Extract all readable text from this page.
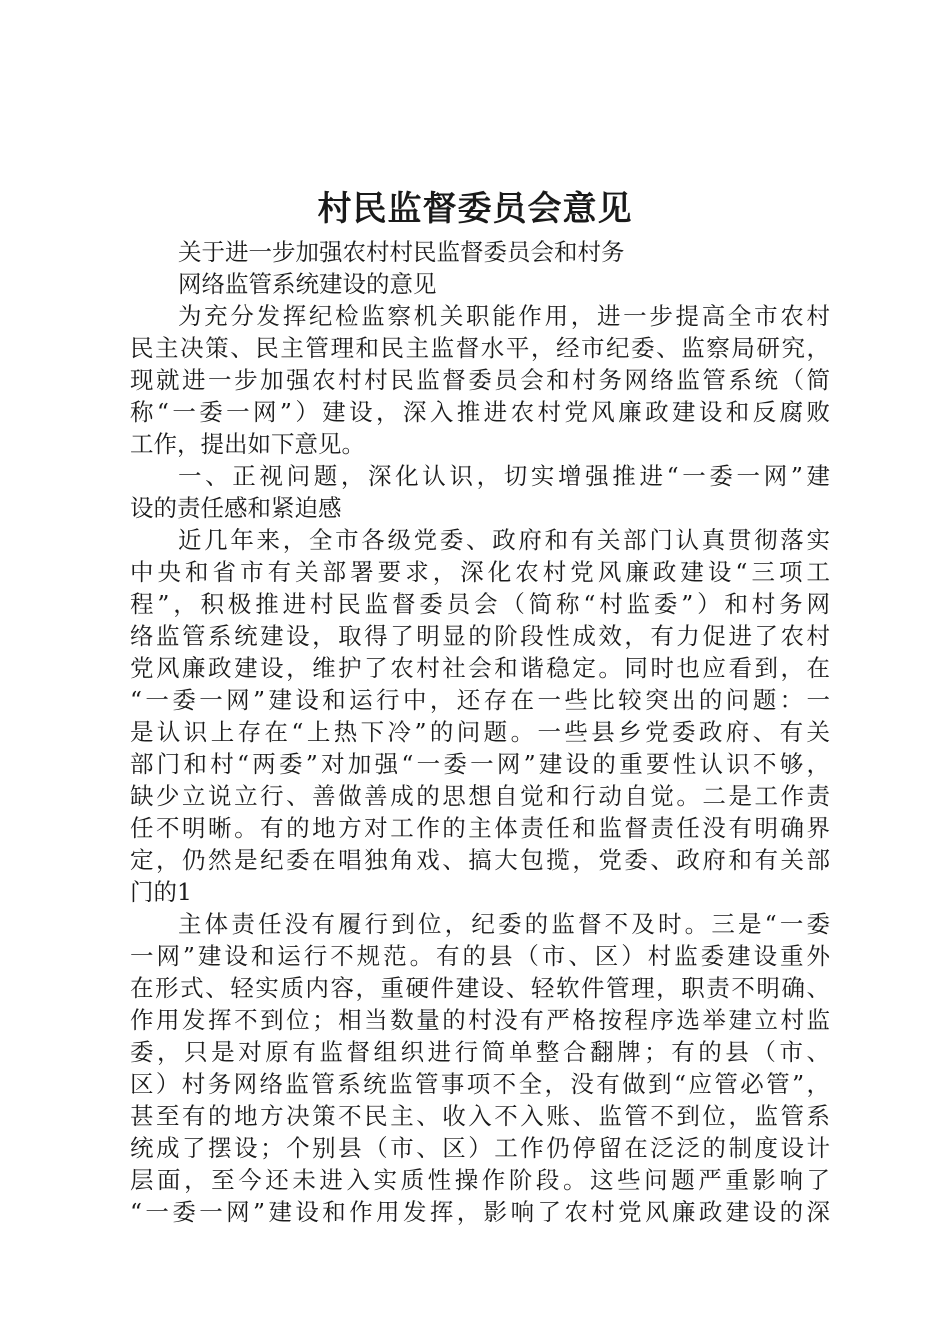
村民监督委员会意见
关于进一步加强农村村民监督委员会和村务
网络监管系统建设的意见
为充分发挥纪检监察机关职能作用，进一步提高全市农村
民主决策、民主管理和民主监督水平，经市纪委、监察局研究，
现就进一步加强农村村民监督委员会和村务网络监管系统（简
称“一委一网”）建设，深入推进农村党风廉政建设和反腐败
工作，提出如下意见。
一、正视问题，深化认识，切实增强推进“一委一网”建
设的责任感和紧迫感
近几年来，全市各级党委、政府和有关部门认真贯彻落实
中央和省市有关部署要求，深化农村党风廉政建设“三项工
程”，积极推进村民监督委员会（简称“村监委”）和村务网
络监管系统建设，取得了明显的阶段性成效，有力促进了农村
党风廉政建设，维护了农村社会和谐稳定。同时也应看到，在
“一委一网”建设和运行中，还存在一些比较突出的问题：一
是认识上存在“上热下冷”的问题。一些县乡党委政府、有关
部门和村“两委”对加强“一委一网”建设的重要性认识不够，
缺少立说立行、善做善成的思想自觉和行动自觉。二是工作责
任不明晰。有的地方对工作的主体责任和监督责任没有明确界
定，仍然是纪委在唱独角戏、搞大包揽，党委、政府和有关部
门的1
主体责任没有履行到位，纪委的监督不及时。三是“一委
一网”建设和运行不规范。有的县（市、区）村监委建设重外
在形式、轻实质内容，重硬件建设、轻软件管理，职责不明确、
作用发挥不到位；相当数量的村没有严格按程序选举建立村监
委，只是对原有监督组织进行简单整合翻牌；有的县（市、
区）村务网络监管系统监管事项不全，没有做到“应管必管”，
甚至有的地方决策不民主、收入不入账、监管不到位，监管系
统成了摆设；个别县（市、区）工作仍停留在泛泛的制度设计
层面，至今还未进入实质性操作阶段。这些问题严重影响了
“一委一网”建设和作用发挥，影响了农村党风廉政建设的深
